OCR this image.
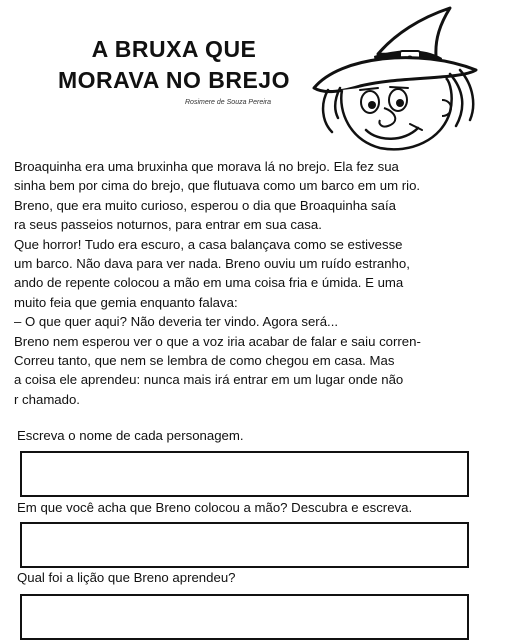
A BRUXA QUE
MORAVA NO BREJO
Rosimere de Souza Pereira
Broaquinha era uma bruxinha que morava lá no brejo. Ela fez sua
sinha bem por cima do brejo, que flutuava como um barco em um rio.
Breno, que era muito curioso, esperou o dia que Broaquinha saía
ra seus passeios noturnos, para entrar em sua casa.
Que horror! Tudo era escuro, a casa balançava como se estivesse
um barco. Não dava para ver nada. Breno ouviu um ruído estranho,
ando de repente colocou a mão em uma coisa fria e úmida. E uma
muito feia que gemia enquanto falava:
– O que quer aqui? Não deveria ter vindo. Agora será...
Breno nem esperou ver o que a voz iria acabar de falar e saiu corren-
Correu tanto, que nem se lembra de como chegou em casa. Mas
a coisa ele aprendeu: nunca mais irá entrar em um lugar onde não
r chamado.
Escreva o nome de cada personagem.
Em que você acha que Breno colocou a mão? Descubra e escreva.
Qual foi a lição que Breno aprendeu?
